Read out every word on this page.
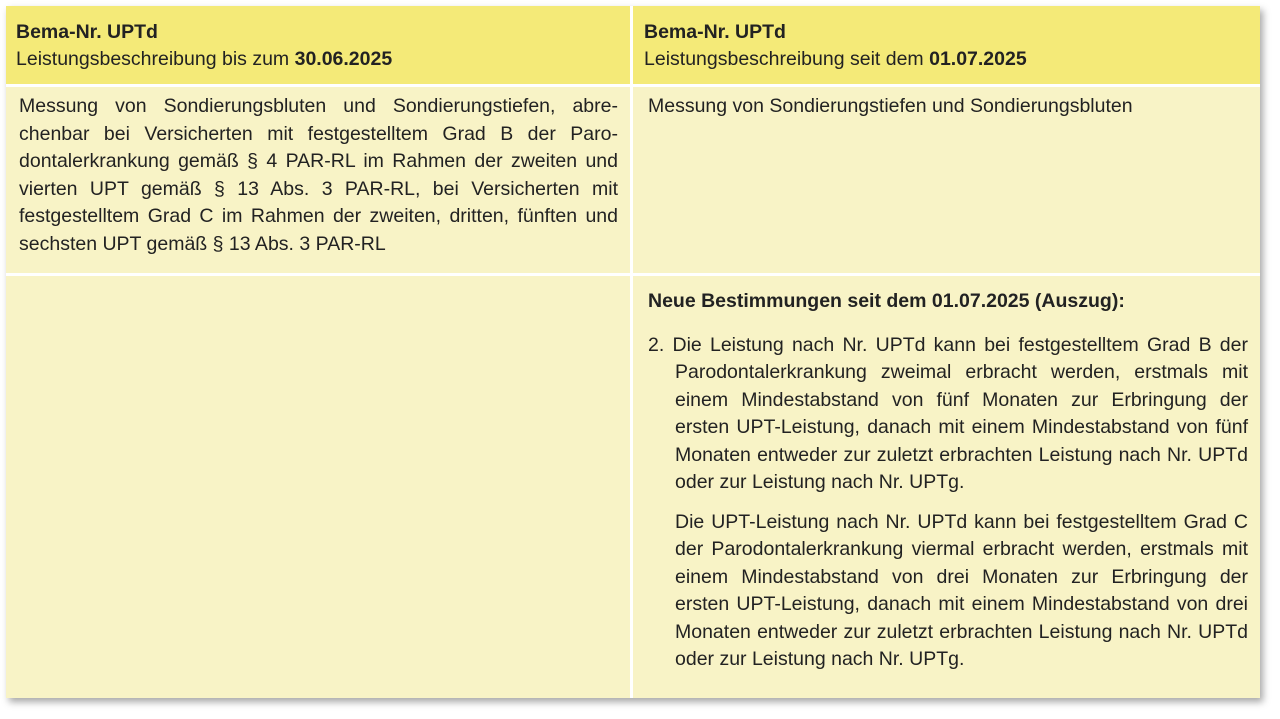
Bema-Nr. UPTd
Leistungsbeschreibung bis zum 30.06.2025
Bema-Nr. UPTd
Leistungsbeschreibung seit dem 01.07.2025
Messung von Sondierungsbluten und Sondierungstiefen, abrechenbar bei Versicherten mit festgestelltem Grad B der Parodontalerkrankung gemäß § 4 PAR-RL im Rahmen der zweiten und vierten UPT gemäß § 13 Abs. 3 PAR-RL, bei Versicherten mit festgestelltem Grad C im Rahmen der zweiten, dritten, fünften und sechsten UPT gemäß § 13 Abs. 3 PAR-RL
Messung von Sondierungstiefen und Sondierungsbluten

Neue Bestimmungen seit dem 01.07.2025 (Auszug):

2. Die Leistung nach Nr. UPTd kann bei festgestelltem Grad B der Parodontalerkrankung zweimal erbracht werden, erstmals mit einem Mindestabstand von fünf Monaten zur Erbringung der ersten UPT-Leistung, danach mit einem Mindestabstand von fünf Monaten entweder zur zuletzt erbrachten Leistung nach Nr. UPTd oder zur Leistung nach Nr. UPTg.

Die UPT-Leistung nach Nr. UPTd kann bei festgestelltem Grad C der Parodontalerkrankung viermal erbracht werden, erstmals mit einem Mindestabstand von drei Monaten zur Erbringung der ersten UPT-Leistung, danach mit einem Mindestabstand von drei Monaten entweder zur zuletzt erbrachten Leistung nach Nr. UPTd oder zur Leistung nach Nr. UPTg.
